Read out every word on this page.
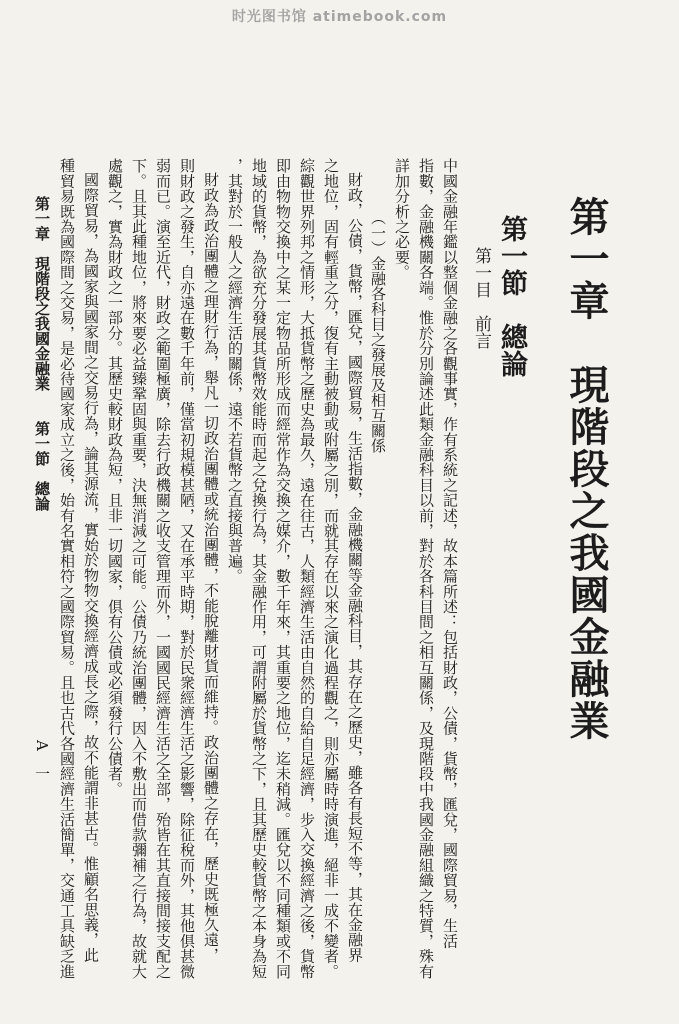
时光图书馆 atimebook.com
第一章　現階段之我國金融業
第一節　總論
第一目　前言
中國金融年鑑以整個金融之各觀事實，作有系統之記述，故本篇所述：包括財政，公債，貨幣，匯兌，國際貿易，生活
指數，金融機關各端。惟於分別論述此類金融科目以前，對於各科目間之相互關係，及現階段中我國金融組織之特質，殊有
詳加分析之必要。
（一）金融各科目之發展及相互關係
財政，公債，貨幣，匯兌，國際貿易，生活指數，金融機關等金融科目，其存在之歷史，雖各有長短不等，其在金融界
之地位，固有輕重之分，復有主動被動或附屬之別，而就其存在以來之演化過程觀之，則亦屬時時演進，絕非一成不變者。
綜觀世界列邦之情形，大抵貨幣之歷史為最久，遠在往古，人類經濟生活由自然的自給自足經濟，步入交換經濟之後，貨幣
即由物物交換中之某一定物品所形成而經常作為交換之媒介，數千年來，其重要之地位，迄未稍減。匯兌以不同種類或不同
地域的貨幣，為欲充分發展其貨幣效能時而起之兌換行為，其金融作用，可謂附屬於貨幣之下，且其歷史較貨幣之本身為短
，其對於一般人之經濟生活的關係，遠不若貨幣之直接與普遍。
財政為政治團體之理財行為，舉凡一切政治團體或統治團體，不能脫離財貨而維持。政治團體之存在，歷史既極久遠，
則財政之發生，自亦遠在數千年前，僅當初規模甚陋，又在承平時期，對於民衆經濟生活之影響，除征稅而外，其他俱甚微
弱而已。演至近代，財政之範圍極廣，除去行政機關之收支管理而外，一國國民經濟生活之全部，殆皆在其直接間接支配之
下。且其此種地位，將來要必益臻鞏固與重要，決無消減之可能。公債乃統治團體，因入不敷出而借款彌補之行為，故就大
處觀之，實為財政之一部分。其歷史較財政為短，且非一切國家，俱有公債或必須發行公債者。
國際貿易，為國家與國家間之交易行為，論其源流，實始於物物交換經濟成長之際，故不能謂非甚古。惟顧名思義，此
種貿易既為國際間之交易，是必待國家成立之後，始有名實相符之國際貿易。且也古代各國經濟生活簡單，交通工具缺乏進
第一章　現階段之我國金融業　　第一節　總論
A　一
